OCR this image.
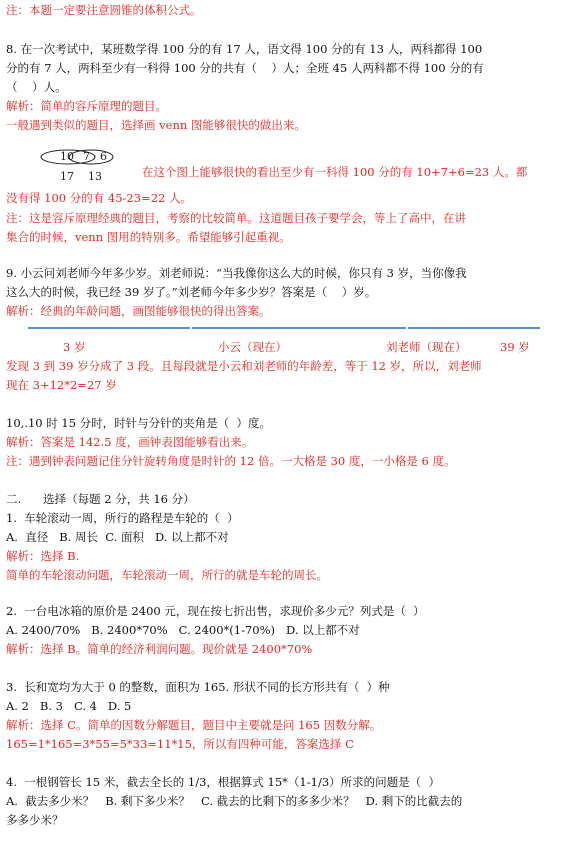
注：本题一定要注意圆锥的体积公式。
8. 在一次考试中，某班数学得 100 分的有 17 人，语文得 100 分的有 13 人，两科都得 100
分的有 7 人，两科至少有一科得 100 分的共有（    ）人；全班 45 人两科都不得 100 分的有
（    ）人。
解析：简单的容斥原理的题目。
一般遇到类似的题目，选择画 venn 图能够很快的做出来。
10 7 6
17    13	在这个图上能够很快的看出至少有一科得 100 分的有 10+7+6=23 人。都
没有得 100 分的有 45-23=22 人。
注：这是容斥原理经典的题目，考察的比较简单。这道题目孩子要学会，等上了高中，在讲
集合的时候，venn 图用的特别多。希望能够引起重视。
9. 小云问刘老师今年多少岁。刘老师说：“当我像你这么大的时候，你只有 3 岁，当你像我
这么大的时候，我已经 39 岁了。”刘老师今年多少岁？答案是（    ）岁。
解析：经典的年龄问题，画图能够很快的得出答案。
3 岁	小云（现在）	刘老师（现在）	39 岁
发现 3 到 39 岁分成了 3 段。且每段就是小云和刘老师的年龄差，等于 12 岁，所以，刘老师
现在 3+12*2=27 岁
10,.10 时 15 分时，时针与分针的夹角是（  ）度。
解析：答案是 142.5 度，画钟表图能够看出来。
注：遇到钟表问题记住分针旋转角度是时针的 12 倍。一大格是 30 度，一小格是 6 度。
二.      选择（每题 2 分，共 16 分）
1.  车轮滚动一周，所行的路程是车轮的（  ）
A.  直径   B. 周长  C. 面积   D. 以上都不对
解析：选择 B.
简单的车轮滚动问题，车轮滚动一周，所行的就是车轮的周长。
2.  一台电冰箱的原价是 2400 元，现在按七折出售，求现价多少元？列式是（  ）
A. 2400/70%   B. 2400*70%   C. 2400*(1-70%)   D. 以上都不对
解析：选择 B。简单的经济利润问题。现价就是 2400*70%
3.  长和宽均为大于 0 的整数，面积为 165. 形状不同的长方形共有（  ）种
A. 2   B. 3   C. 4   D. 5
解析：选择 C。简单的因数分解题目，题目中主要就是问 165 因数分解。
165=1*165=3*55=5*33=11*15，所以有四种可能，答案选择 C
4.  一根钢管长 15 米，截去全长的 1/3，根据算式 15*（1-1/3）所求的问题是（  ）
A.  截去多少米？   B. 剩下多少米？   C. 截去的比剩下的多多少米？   D. 剩下的比截去的
多多少米？
